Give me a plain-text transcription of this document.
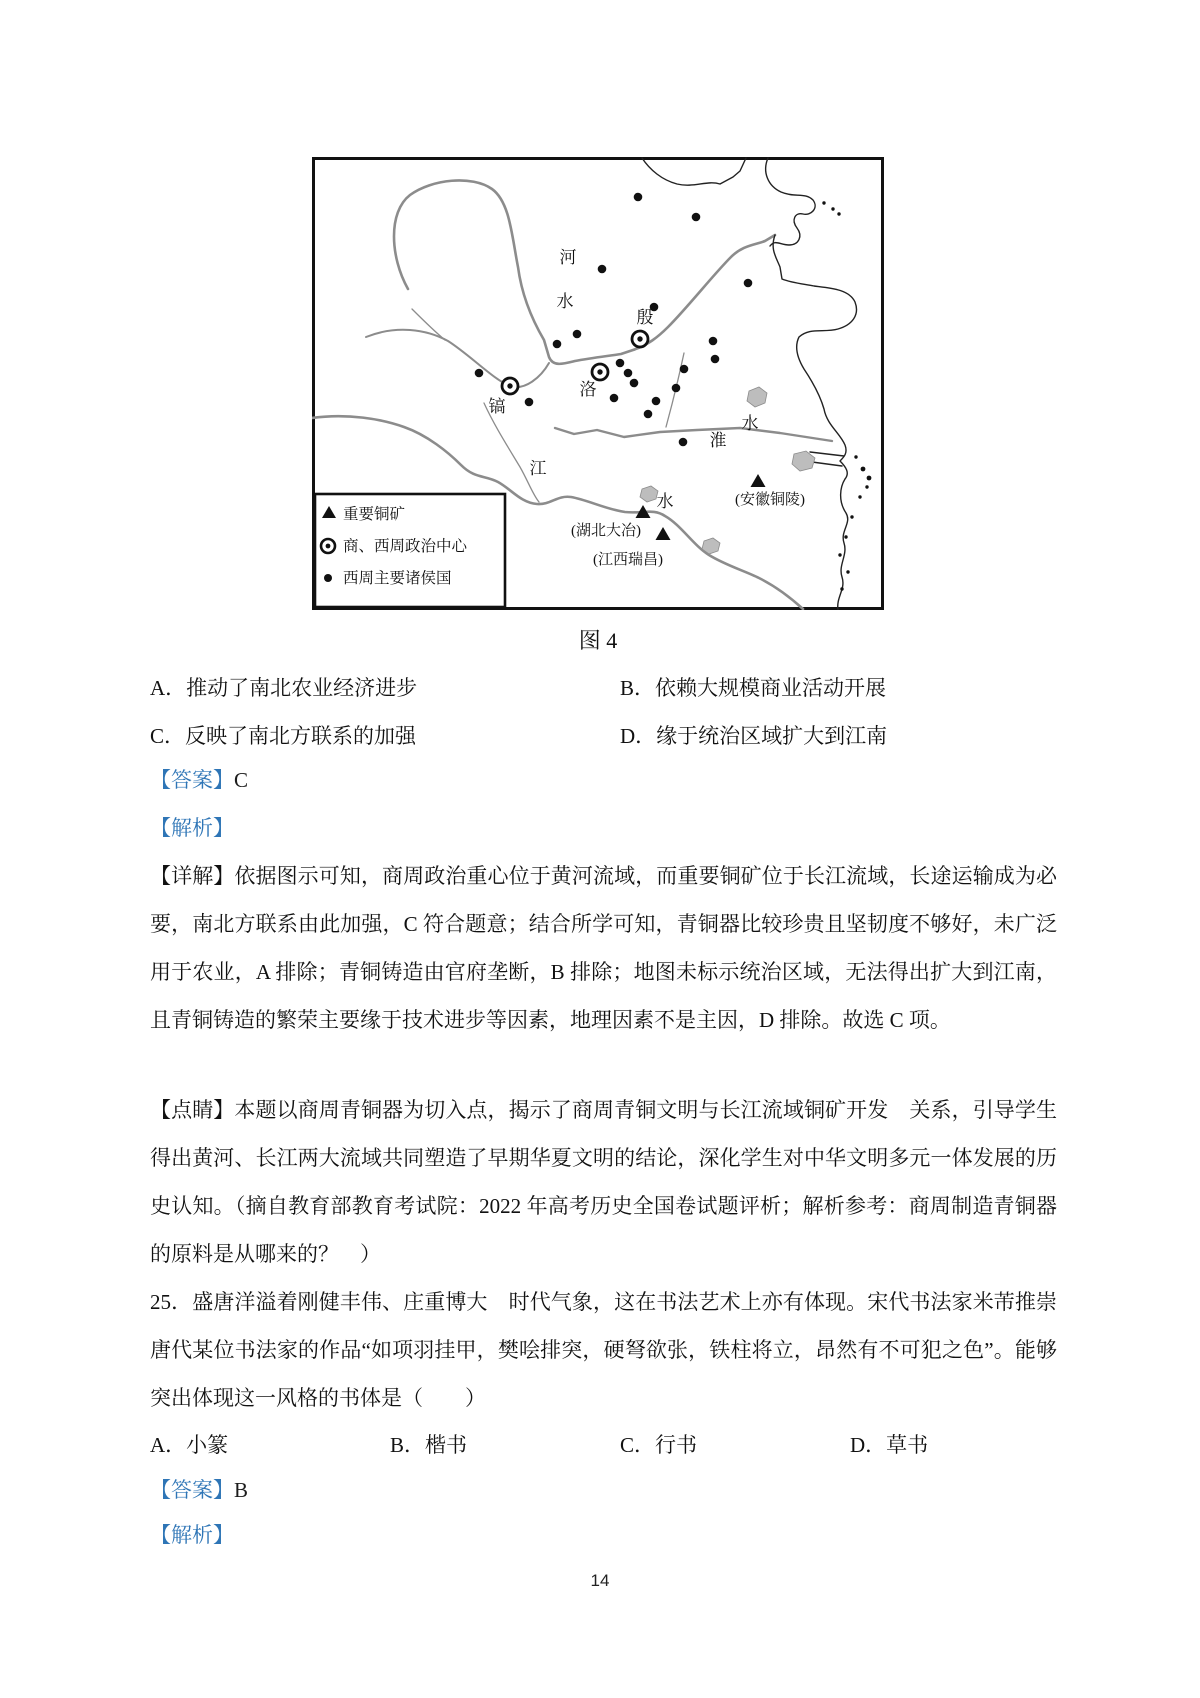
河
水
殷
洛
镐
淮
水
江
水	(安徽铜陵)
(湖北大冶)
(江西瑞昌)
重要铜矿
商、西周政治中心
西周主要诸侯国
图 4
A．推动了南北农业经济进步	B．依赖大规模商业活动开展
C．反映了南北方联系的加强	D．缘于统治区域扩大到江南
【答案】C
【解析】
【详解】依据图示可知，商周政治重心位于黄河流域，而重要铜矿位于长江流域，长途运输成为必要，南北方联系由此加强，C 符合题意；结合所学可知，青铜器比较珍贵且坚韧度不够好，未广泛用于农业，A 排除；青铜铸造由官府垄断，B 排除；地图未标示统治区域，无法得出扩大到江南，且青铜铸造的繁荣主要缘于技术进步等因素，地理因素不是主因，D 排除。故选 C 项。
【点睛】本题以商周青铜器为切入点，揭示了商周青铜文明与长江流域铜矿开发　关系，引导学生得出黄河、长江两大流域共同塑造了早期华夏文明的结论，深化学生对中华文明多元一体发展的历史认知。（摘自教育部教育考试院：2022 年高考历史全国卷试题评析；解析参考：商周制造青铜器的原料是从哪来的？　）
25．盛唐洋溢着刚健丰伟、庄重博大　时代气象，这在书法艺术上亦有体现。宋代书法家米芾推崇唐代某位书法家的作品“如项羽挂甲，樊哙排突，硬弩欲张，铁柱将立，昂然有不可犯之色”。能够突出体现这一风格的书体是（　　）
A．小篆	B．楷书	C．行书	D．草书
【答案】B
【解析】
14
